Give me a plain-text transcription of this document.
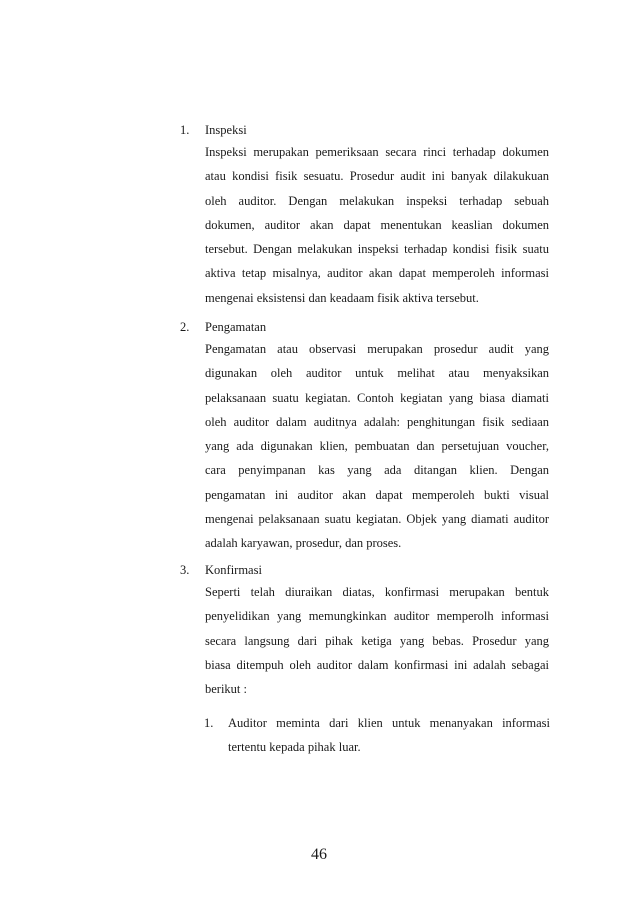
1. Inspeksi
Inspeksi merupakan pemeriksaan secara rinci terhadap dokumen
atau kondisi fisik sesuatu. Prosedur audit ini banyak dilakukuan
oleh auditor. Dengan melakukan inspeksi terhadap sebuah
dokumen, auditor akan dapat menentukan keaslian dokumen
tersebut. Dengan melakukan inspeksi terhadap kondisi fisik suatu
aktiva tetap misalnya, auditor akan dapat memperoleh informasi
mengenai eksistensi dan keadaam fisik aktiva tersebut.
2. Pengamatan
Pengamatan atau observasi merupakan prosedur audit yang
digunakan oleh auditor untuk melihat atau menyaksikan
pelaksanaan suatu kegiatan. Contoh kegiatan yang biasa diamati
oleh auditor dalam auditnya adalah: penghitungan fisik sediaan
yang ada digunakan klien, pembuatan dan persetujuan voucher,
cara penyimpanan kas yang ada ditangan klien. Dengan
pengamatan ini auditor akan dapat memperoleh bukti visual
mengenai pelaksanaan suatu kegiatan. Objek yang diamati auditor
adalah karyawan, prosedur, dan proses.
3. Konfirmasi
Seperti telah diuraikan diatas, konfirmasi merupakan bentuk
penyelidikan yang memungkinkan auditor memperolh informasi
secara langsung dari pihak ketiga yang bebas. Prosedur yang
biasa ditempuh oleh auditor dalam konfirmasi ini adalah sebagai
berikut :
1. Auditor meminta dari klien untuk menanyakan informasi
tertentu kepada pihak luar.
46
